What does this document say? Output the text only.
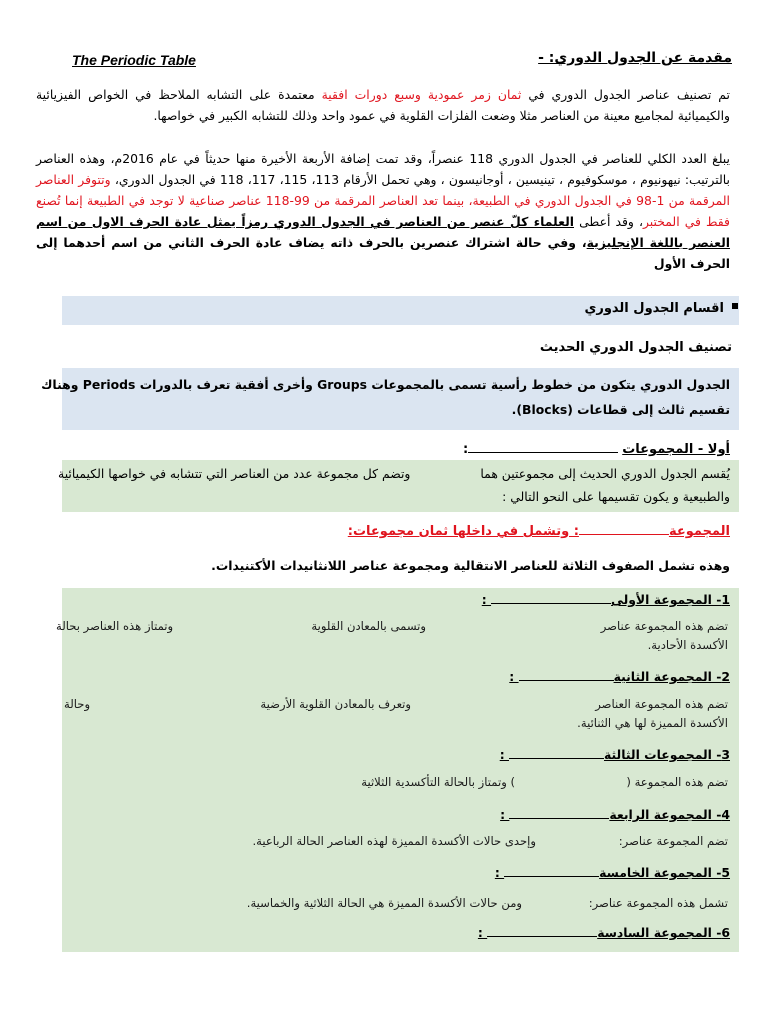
The Periodic Table	مقدمة عن الجدول الدوري: -
تم تصنيف عناصر الجدول الدوري في ثمان زمر عمودية وسبع دورات افقية معتمدة على التشابه الملاحظ في الخواص الفيزيائية والكيميائية لمجاميع معينة من العناصر مثلا وضعت الفلزات القلوية في عمود واحد وذلك للتشابه الكبير في خواصها.
يبلغ العدد الكلي للعناصر في الجدول الدوري 118 عنصراً، وقد تمت إضافة الأربعة الأخيرة منها حديثاً في عام 2016م، وهذه العناصر بالترتيب: نيهونيوم ، موسكوفيوم ، تينيسين ، أوجانيسون ، وهي تحمل الأرقام 113، 115، 117، 118 في الجدول الدوري، وتتوفر العناصر المرقمة من 1-98 في الجدول الدوري في الطبيعة، بينما تعد العناصر المرقمة من 99-118 عناصر صناعية لا توجد في الطبيعة إنما تُصنع فقط في المختبر، وقد أعطى العلماء كلّ عنصر من العناصر في الجدول الدوري رمزاً يمثل عادة الحرف الاول من اسم العنصر باللغة الإنجليزية، وفي حالة اشتراك عنصرين بالحرف ذاته يضاف عادة الحرف الثاني من اسم أحدهما إلى الحرف الأول
اقسام الجدول الدوري
تصنيف الجدول الدوري الحديث
الجدول الدوري يتكون من خطوط رأسية تسمى بالمجموعات Groups وأخرى أفقية تعرف بالدورات Periods وهناك تقسيم ثالث إلى قطاعات (Blocks).
أولا - المجموعات:
يُقسم الجدول الدوري الحديث إلى مجموعتين هماوتضم كل مجموعة عدد من العناصر التي تتشابه في خواصها الكيميائية والطبيعية و يكون تقسيمها على النحو التالي :
المجموعة: وتشمل في داخلها ثمان مجموعات:
وهذه تشمل الصفوف الثلاثة للعناصر الانتقالية ومجموعة عناصر اللانثانيدات الأكتنيدات.
1- المجموعة الأولى :
تضم هذه المجموعة عناصر
الأكسدة الأحادية.
وتسمى بالمعادن القلوية
وتمتاز هذه العناصر بحالة
2- المجموعة الثانية :
تضم هذه المجموعة العناصر
الأكسدة المميزة لها هي الثنائية.
وتعرف بالمعادن القلوية الأرضية
وحالة
3- المجموعات الثالثة :
تضم هذه المجموعة (
) وتمتاز بالحالة التأكسدية الثلاثية
4- المجموعة الرابعة :
تضم المجموعة عناصر:
وإحدى حالات الأكسدة المميزة لهذه العناصر الحالة الرباعية.
5- المجموعة الخامسة :
تشمل هذه المجموعة عناصر:
ومن حالات الأكسدة المميزة هي الحالة الثلاثية والخماسية.
6- المجموعة السادسة :
